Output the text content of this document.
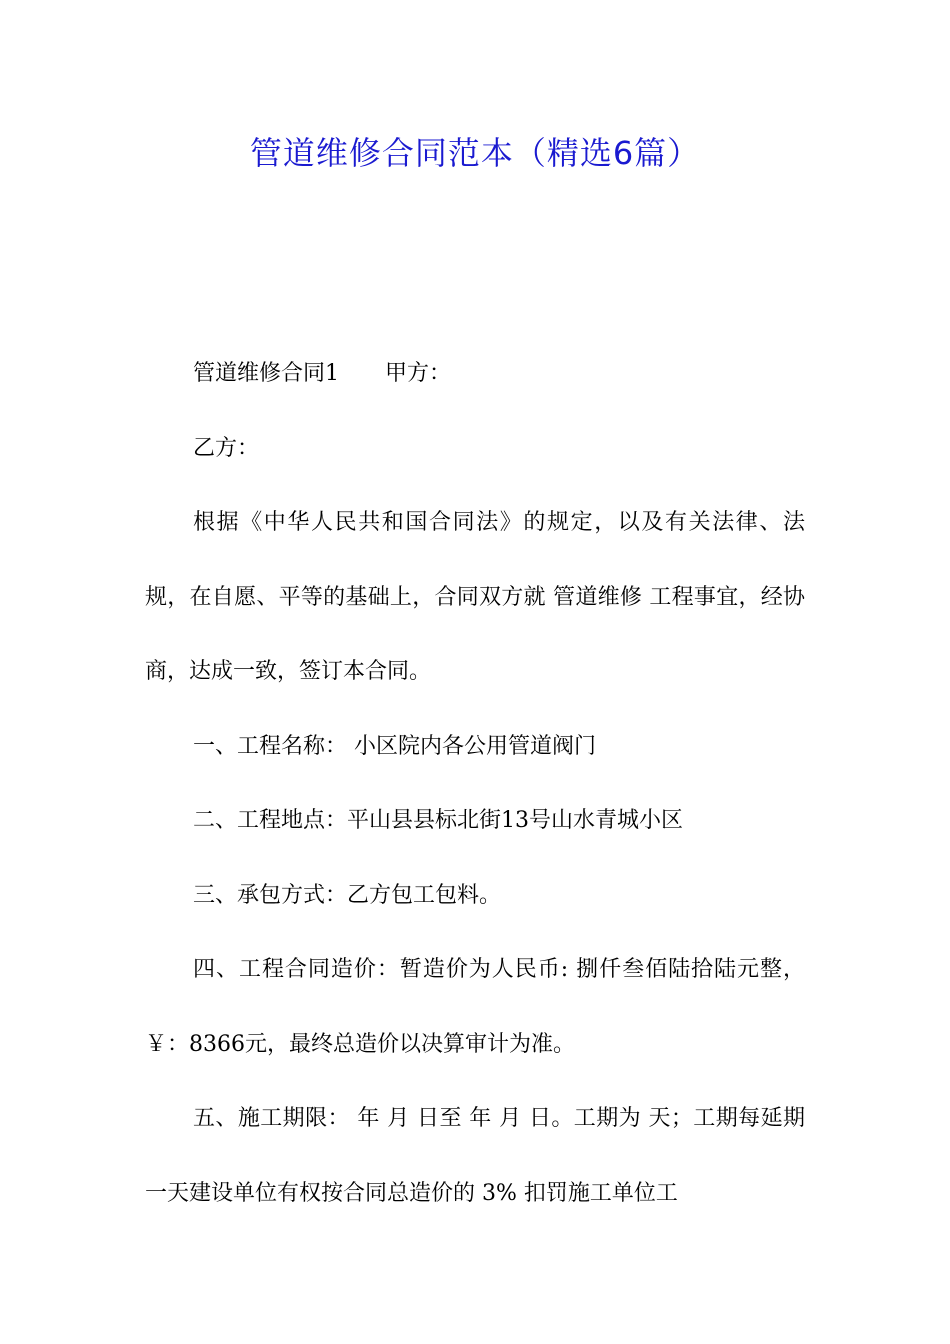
管道维修合同范本（精选6篇）

管道维修合同1 甲方：

乙方：

根据《中华人民共和国合同法》的规定，以及有关法律、法规，在自愿、平等的基础上，合同双方就 管道维修 工程事宜，经协商，达成一致，签订本合同。

一、工程名称： 小区院内各公用管道阀门

二、工程地点：平山县县标北街13号山水青城小区

三、承包方式：乙方包工包料。

四、工程合同造价：暂造价为人民币: 捌仟叁佰陆拾陆元整，￥：8366元，最终总造价以决算审计为准。

五、施工期限： 年 月 日至 年 月 日。工期为 天；工期每延期一天建设单位有权按合同总造价的 3% 扣罚施工单位工
